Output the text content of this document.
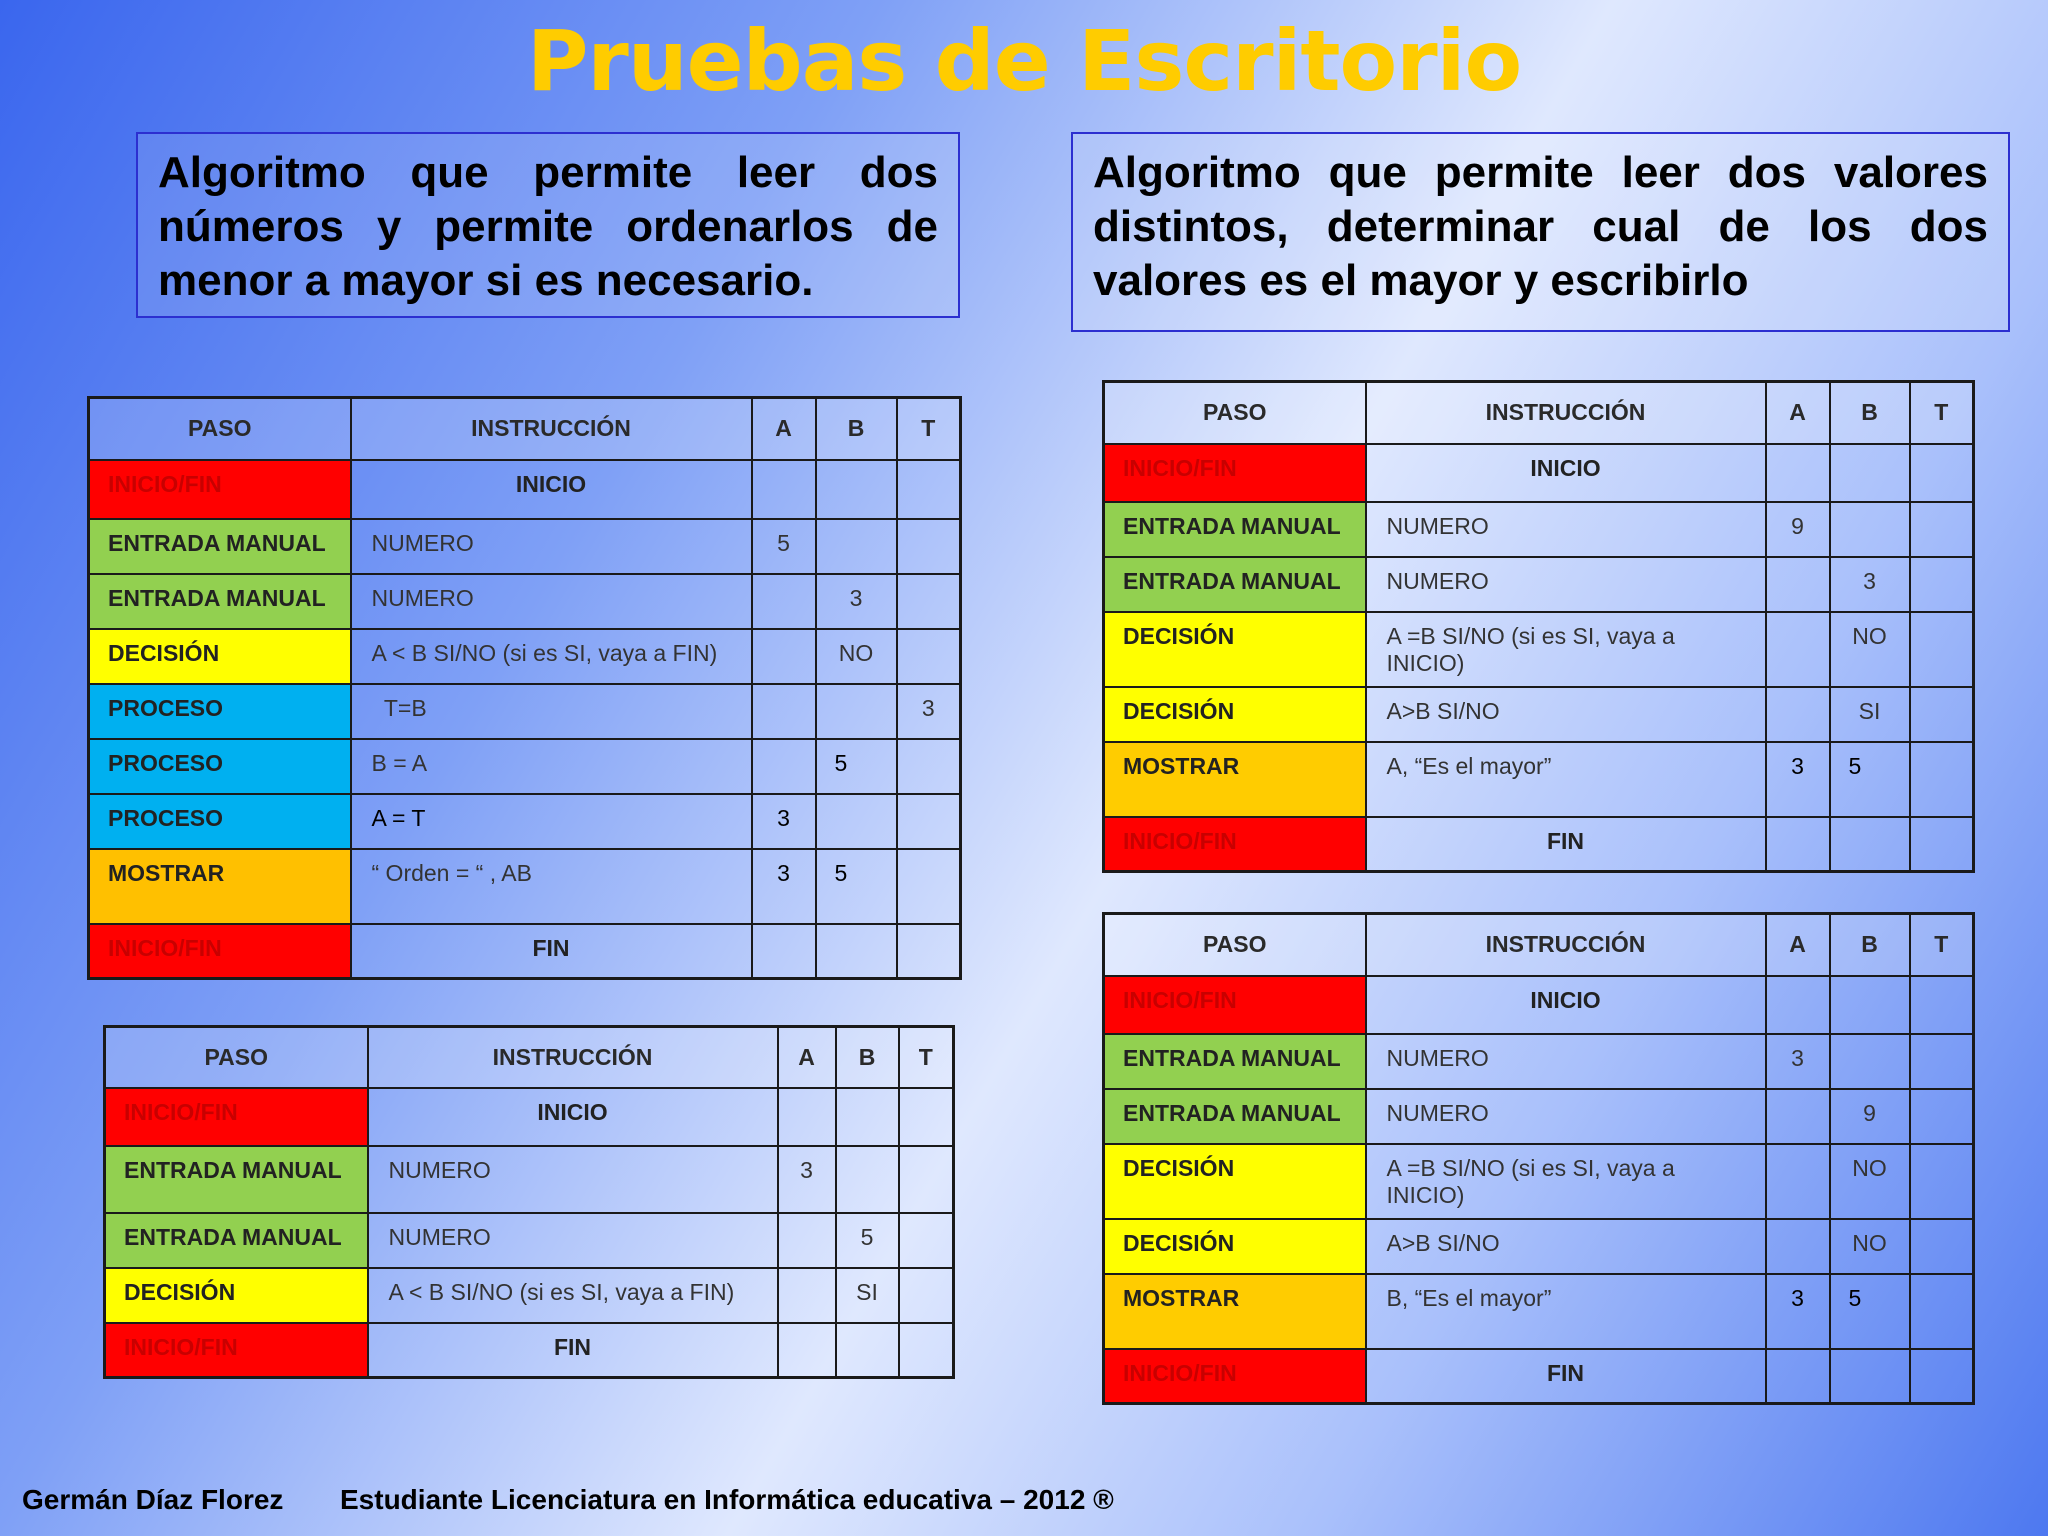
Pruebas de Escritorio
Algoritmo que permite leer dos números y permite ordenarlos de menor a mayor si es necesario.
Algoritmo que permite leer dos valores distintos, determinar cual de los dos valores es el mayor y escribirlo
PASO	INSTRUCCIÓN	A	B	T
INICIO/FIN	INICIO			
ENTRADA MANUAL	NUMERO	5		
ENTRADA MANUAL	NUMERO		3	
DECISIÓN	A < B SI/NO (si es SI, vaya a FIN)		NO	
PROCESO	T=B			3
PROCESO	B = A		5	
PROCESO	A = T	3		
MOSTRAR	“ Orden = “ , AB	3	5	
INICIO/FIN	FIN			
PASO	INSTRUCCIÓN	A	B	T
INICIO/FIN	INICIO			
ENTRADA MANUAL	NUMERO	3		
ENTRADA MANUAL	NUMERO		5	
DECISIÓN	A < B SI/NO (si es SI, vaya a FIN)		SI	
INICIO/FIN	FIN			
PASO	INSTRUCCIÓN	A	B	T
INICIO/FIN	INICIO			
ENTRADA MANUAL	NUMERO	9		
ENTRADA MANUAL	NUMERO		3	
DECISIÓN	A =B SI/NO (si es SI, vaya a INICIO)		NO	
DECISIÓN	A>B SI/NO		SI	
MOSTRAR	A, “Es el mayor”	3	5	
INICIO/FIN	FIN			
PASO	INSTRUCCIÓN	A	B	T
INICIO/FIN	INICIO			
ENTRADA MANUAL	NUMERO	3		
ENTRADA MANUAL	NUMERO		9	
DECISIÓN	A =B SI/NO (si es SI, vaya a INICIO)		NO	
DECISIÓN	A>B SI/NO		NO	
MOSTRAR	B, “Es el mayor”	3	5	
INICIO/FIN	FIN			
Germán Díaz Florez Estudiante Licenciatura en Informática educativa – 2012 ®
